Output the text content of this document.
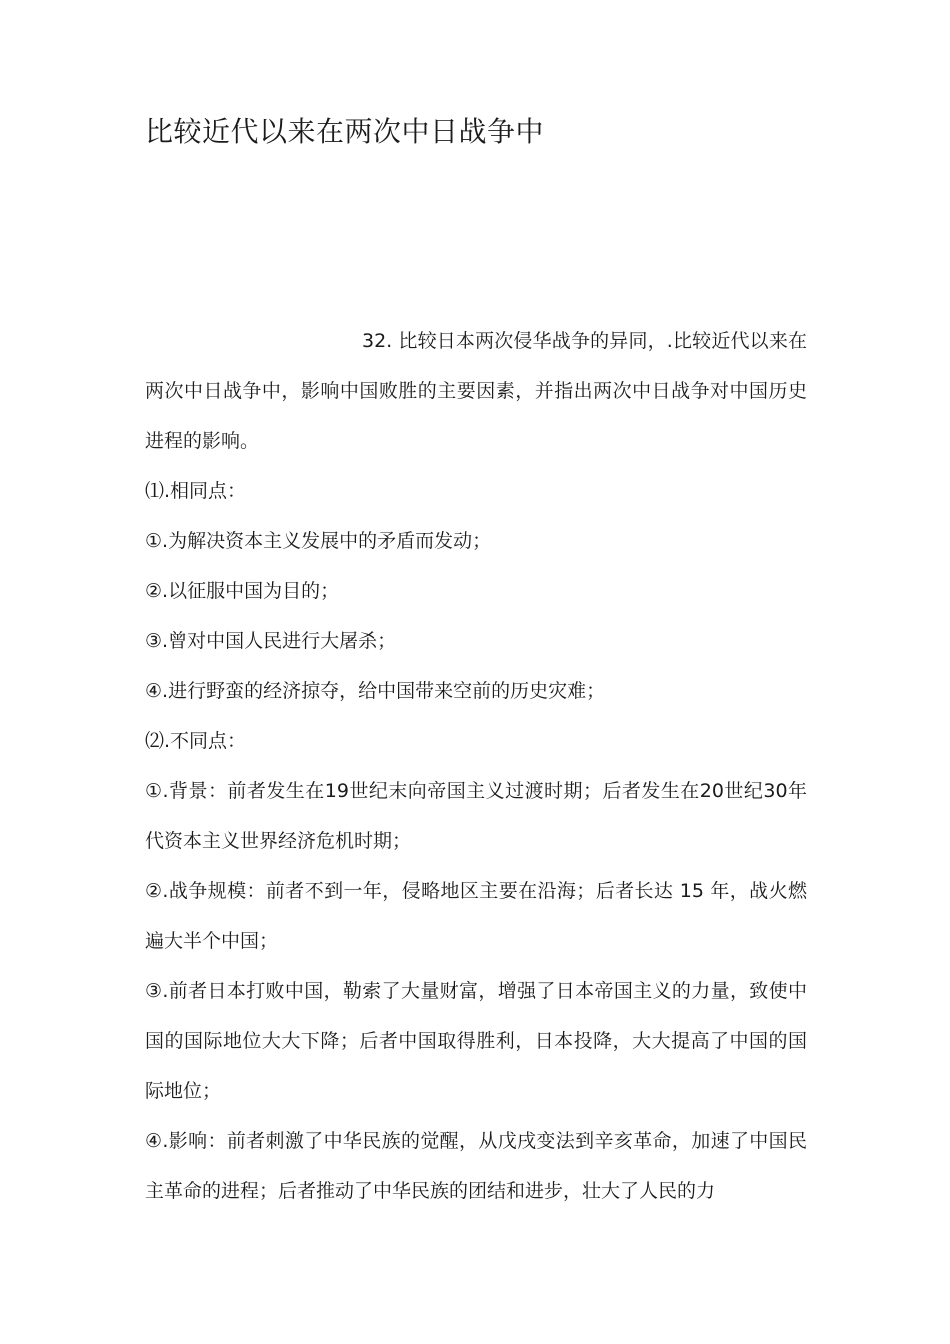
比较近代以来在两次中日战争中

32. 比较日本两次侵华战争的异同，.比较近代以来在两次中日战争中，影响中国败胜的主要因素，并指出两次中日战争对中国历史进程的影响。

⑴.相同点：

①.为解决资本主义发展中的矛盾而发动；

②.以征服中国为目的；

③.曾对中国人民进行大屠杀；

④.进行野蛮的经济掠夺，给中国带来空前的历史灾难；

⑵.不同点：

①.背景：前者发生在19世纪末向帝国主义过渡时期；后者发生在20世纪30年代资本主义世界经济危机时期；

②.战争规模：前者不到一年，侵略地区主要在沿海；后者长达 15 年，战火燃遍大半个中国；

③.前者日本打败中国，勒索了大量财富，增强了日本帝国主义的力量，致使中国的国际地位大大下降；后者中国取得胜利，日本投降，大大提高了中国的国际地位；

④.影响：前者刺激了中华民族的觉醒，从戊戌变法到辛亥革命，加速了中国民主革命的进程；后者推动了中华民族的团结和进步，壮大了人民的力
